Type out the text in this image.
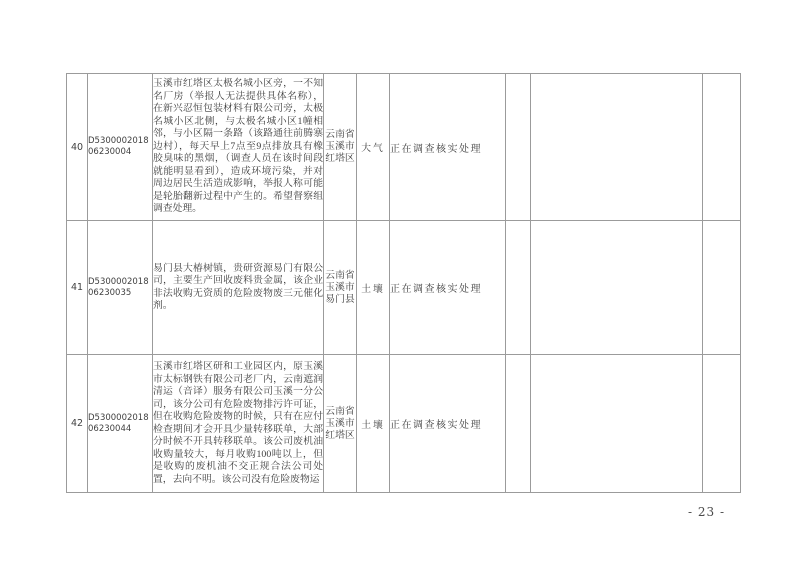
40	D530000201806230004	玉溪市红塔区太极名城小区旁，一不知名厂房（举报人无法提供具体名称），在新兴忍恒包装材料有限公司旁，太极名城小区北侧，与太极名城小区1幢相邻，与小区隔一条路（该路通往前腾寨边村），每天早上7点至9点排放具有橡胶臭味的黑烟，（调查人员在该时间段就能明显看到），造成环境污染，并对周边居民生活造成影响，举报人称可能是轮胎翻新过程中产生的。希望督察组调查处理。	云南省玉溪市红塔区	大气	正在调查核实处理			
41	D530000201806230035	易门县大椿树镇，贵研资源易门有限公司，主要生产回收废料贵金属，该企业非法收购无资质的危险废物废三元催化剂。	云南省玉溪市易门县	土壤	正在调查核实处理			
42	D530000201806230044	玉溪市红塔区研和工业园区内，原玉溪市太标钢铁有限公司老厂内，云南遮润清运（音译）服务有限公司玉溪一分公司，该分公司有危险废物排污许可证，但在收购危险废物的时候，只有在应付检查期间才会开具少量转移联单，大部分时候不开具转移联单。该公司废机油收购量较大，每月收购100吨以上，但是收购的废机油不交正规合法公司处置，去向不明。该公司没有危险废物运	云南省玉溪市红塔区	土壤	正在调查核实处理			
- 23 -
